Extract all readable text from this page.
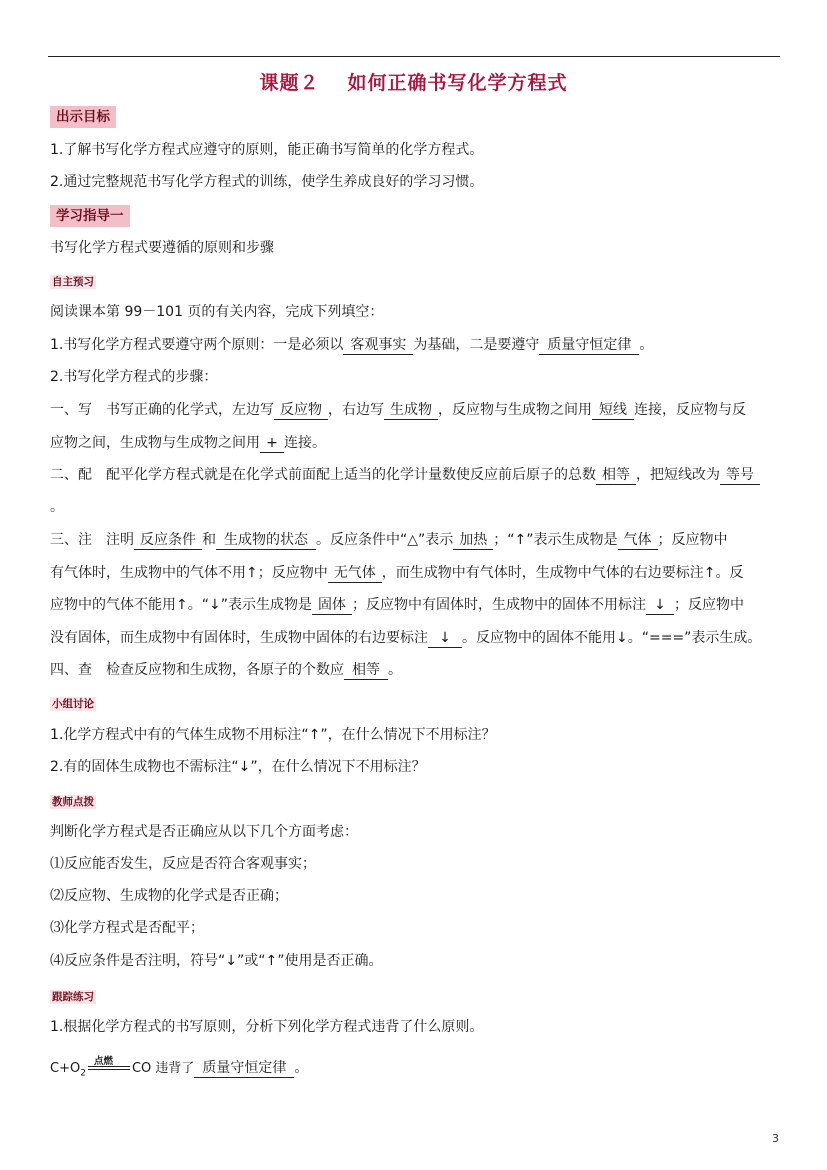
课题２ 如何正确书写化学方程式
出示目标
1.了解书写化学方程式应遵守的原则，能正确书写简单的化学方程式。
2.通过完整规范书写化学方程式的训练，使学生养成良好的学习习惯。
学习指导一
书写化学方程式要遵循的原则和步骤
自主预习
阅读课本第 99－101 页的有关内容，完成下列填空：
1.书写化学方程式要遵守两个原则：一是必须以 客观事实 为基础，二是要遵守 质量守恒定律 。
2.书写化学方程式的步骤：
一、写　书写正确的化学式，左边写 反应物 ，右边写 生成物 ，反应物与生成物之间用 短线 连接，反应物与反
应物之间，生成物与生成物之间用 + 连接。
二、配　配平化学方程式就是在化学式前面配上适当的化学计量数使反应前后原子的总数 相等 ，把短线改为 等号
。
三、注　注明 反应条件 和 生成物的状态 。反应条件中“△”表示 加热 ；“↑”表示生成物是 气体 ；反应物中
有气体时，生成物中的气体不用↑；反应物中 无气体 ，而生成物中有气体时，生成物中气体的右边要标注↑。反
应物中的气体不能用↑。“↓”表示生成物是 固体 ；反应物中有固体时，生成物中的固体不用标注 ↓ ；反应物中
没有固体，而生成物中有固体时，生成物中固体的右边要标注 ↓ 。反应物中的固体不能用↓。“===”表示生成。
四、查　检查反应物和生成物，各原子的个数应 相等 。
小组讨论
1.化学方程式中有的气体生成物不用标注“↑”，在什么情况下不用标注？
2.有的固体生成物也不需标注“↓”，在什么情况下不用标注？
教师点拨
判断化学方程式是否正确应从以下几个方面考虑：
⑴反应能否发生，反应是否符合客观事实；
⑵反应物、生成物的化学式是否正确；
⑶化学方程式是否配平；
⑷反应条件是否注明，符号“↓”或“↑”使用是否正确。
跟踪练习
1.根据化学方程式的书写原则，分析下列化学方程式违背了什么原则。
$C+O_2$
点燃 CO 违背了 质量守恒定律 。
3
